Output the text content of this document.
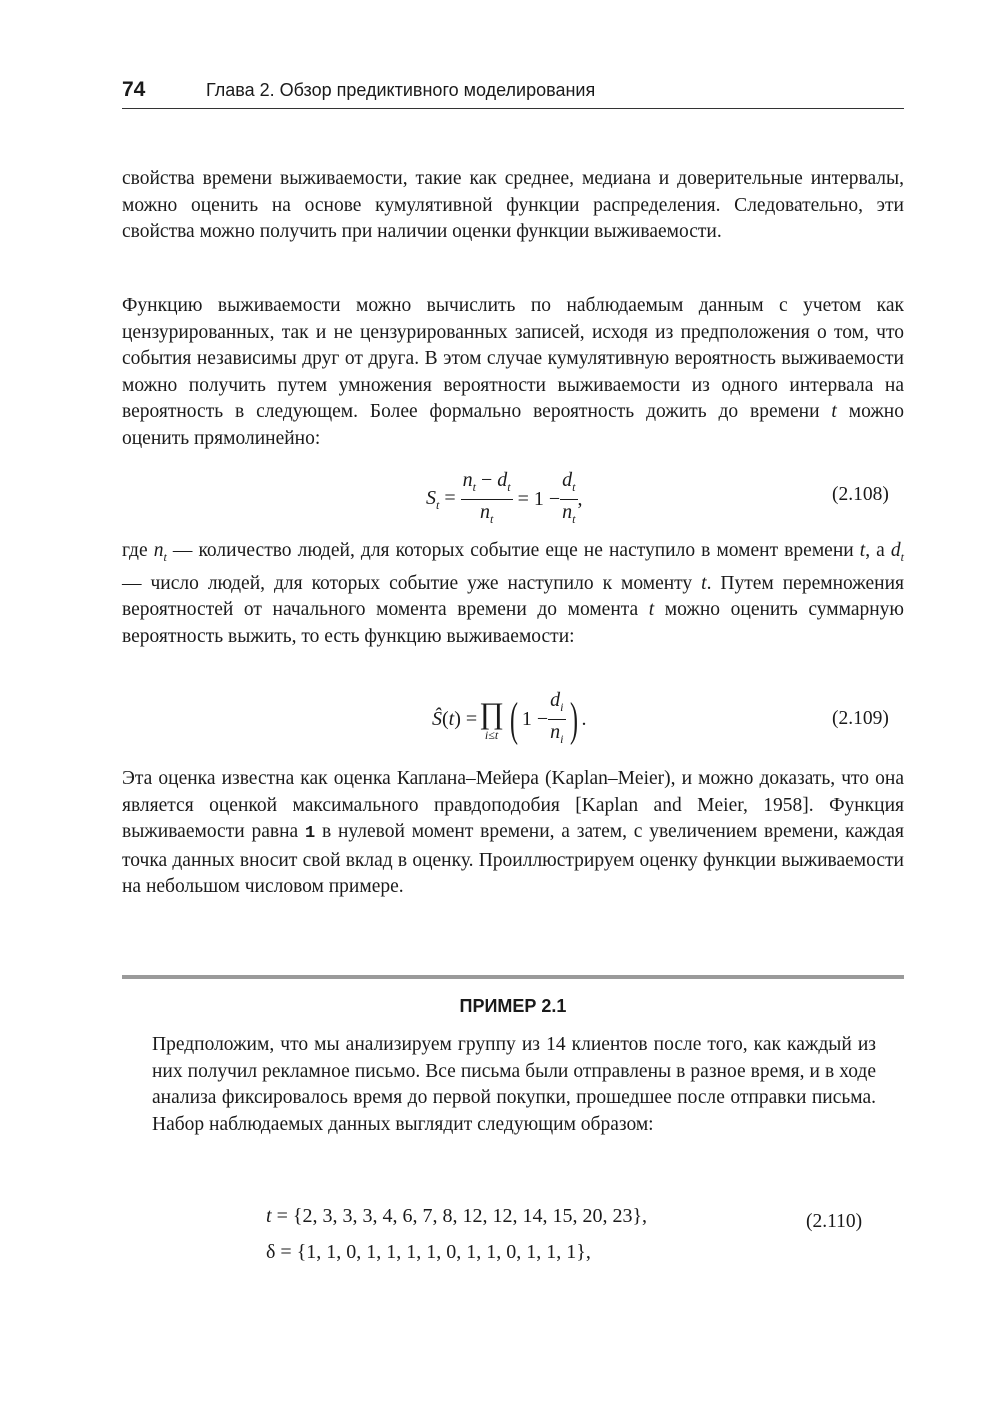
74	Глава 2. Обзор предиктивного моделирования
свойства времени выживаемости, такие как среднее, медиана и доверительные интервалы, можно оценить на основе кумулятивной функции распределения. Следовательно, эти свойства можно получить при наличии оценки функции выживаемости.
Функцию выживаемости можно вычислить по наблюдаемым данным с учетом как цензурированных, так и не цензурированных записей, исходя из предположения о том, что события независимы друг от друга. В этом случае кумулятивную вероятность выживаемости можно получить путем умножения вероятности выживаемости из одного интервала на вероятность в следующем. Более формально вероятность дожить до времени t можно оценить прямолинейно:
$S_t = \frac{n_t - d_t}{n_t} = 1 - \frac{d_t}{n_t}$ ,	(2.108)
где $n_t$ — количество людей, для которых событие еще не наступило в момент времени t, а $d_t$ — число людей, для которых событие уже наступило к моменту t. Путем перемножения вероятностей от начального момента времени до момента t можно оценить суммарную вероятность выжить, то есть функцию выживаемости:
Ŝ(t) = ∏
i≤t ( $1 - \frac{d_i}{n_i}$ ) .	(2.109)
Эта оценка известна как оценка Каплана–Мейера (Kaplan–Meier), и можно доказать, что она является оценкой максимального правдоподобия [Kaplan and Meier, 1958]. Функция выживаемости равна 1 в нулевой момент времени, а затем, с увеличением времени, каждая точка данных вносит свой вклад в оценку. Проиллюстрируем оценку функции выживаемости на небольшом числовом примере.
ПРИМЕР 2.1
Предположим, что мы анализируем группу из 14 клиентов после того, как каждый из них получил рекламное письмо. Все письма были отправлены в разное время, и в ходе анализа фиксировалось время до первой покупки, прошедшее после отправки письма. Набор наблюдаемых данных выглядит следующим образом:
t = {2, 3, 3, 3, 4, 6, 7, 8, 12, 12, 14, 15, 20, 23},
δ = {1, 1, 0, 1, 1, 1, 1, 0, 1, 1, 0, 1, 1, 1},
(2.110)
